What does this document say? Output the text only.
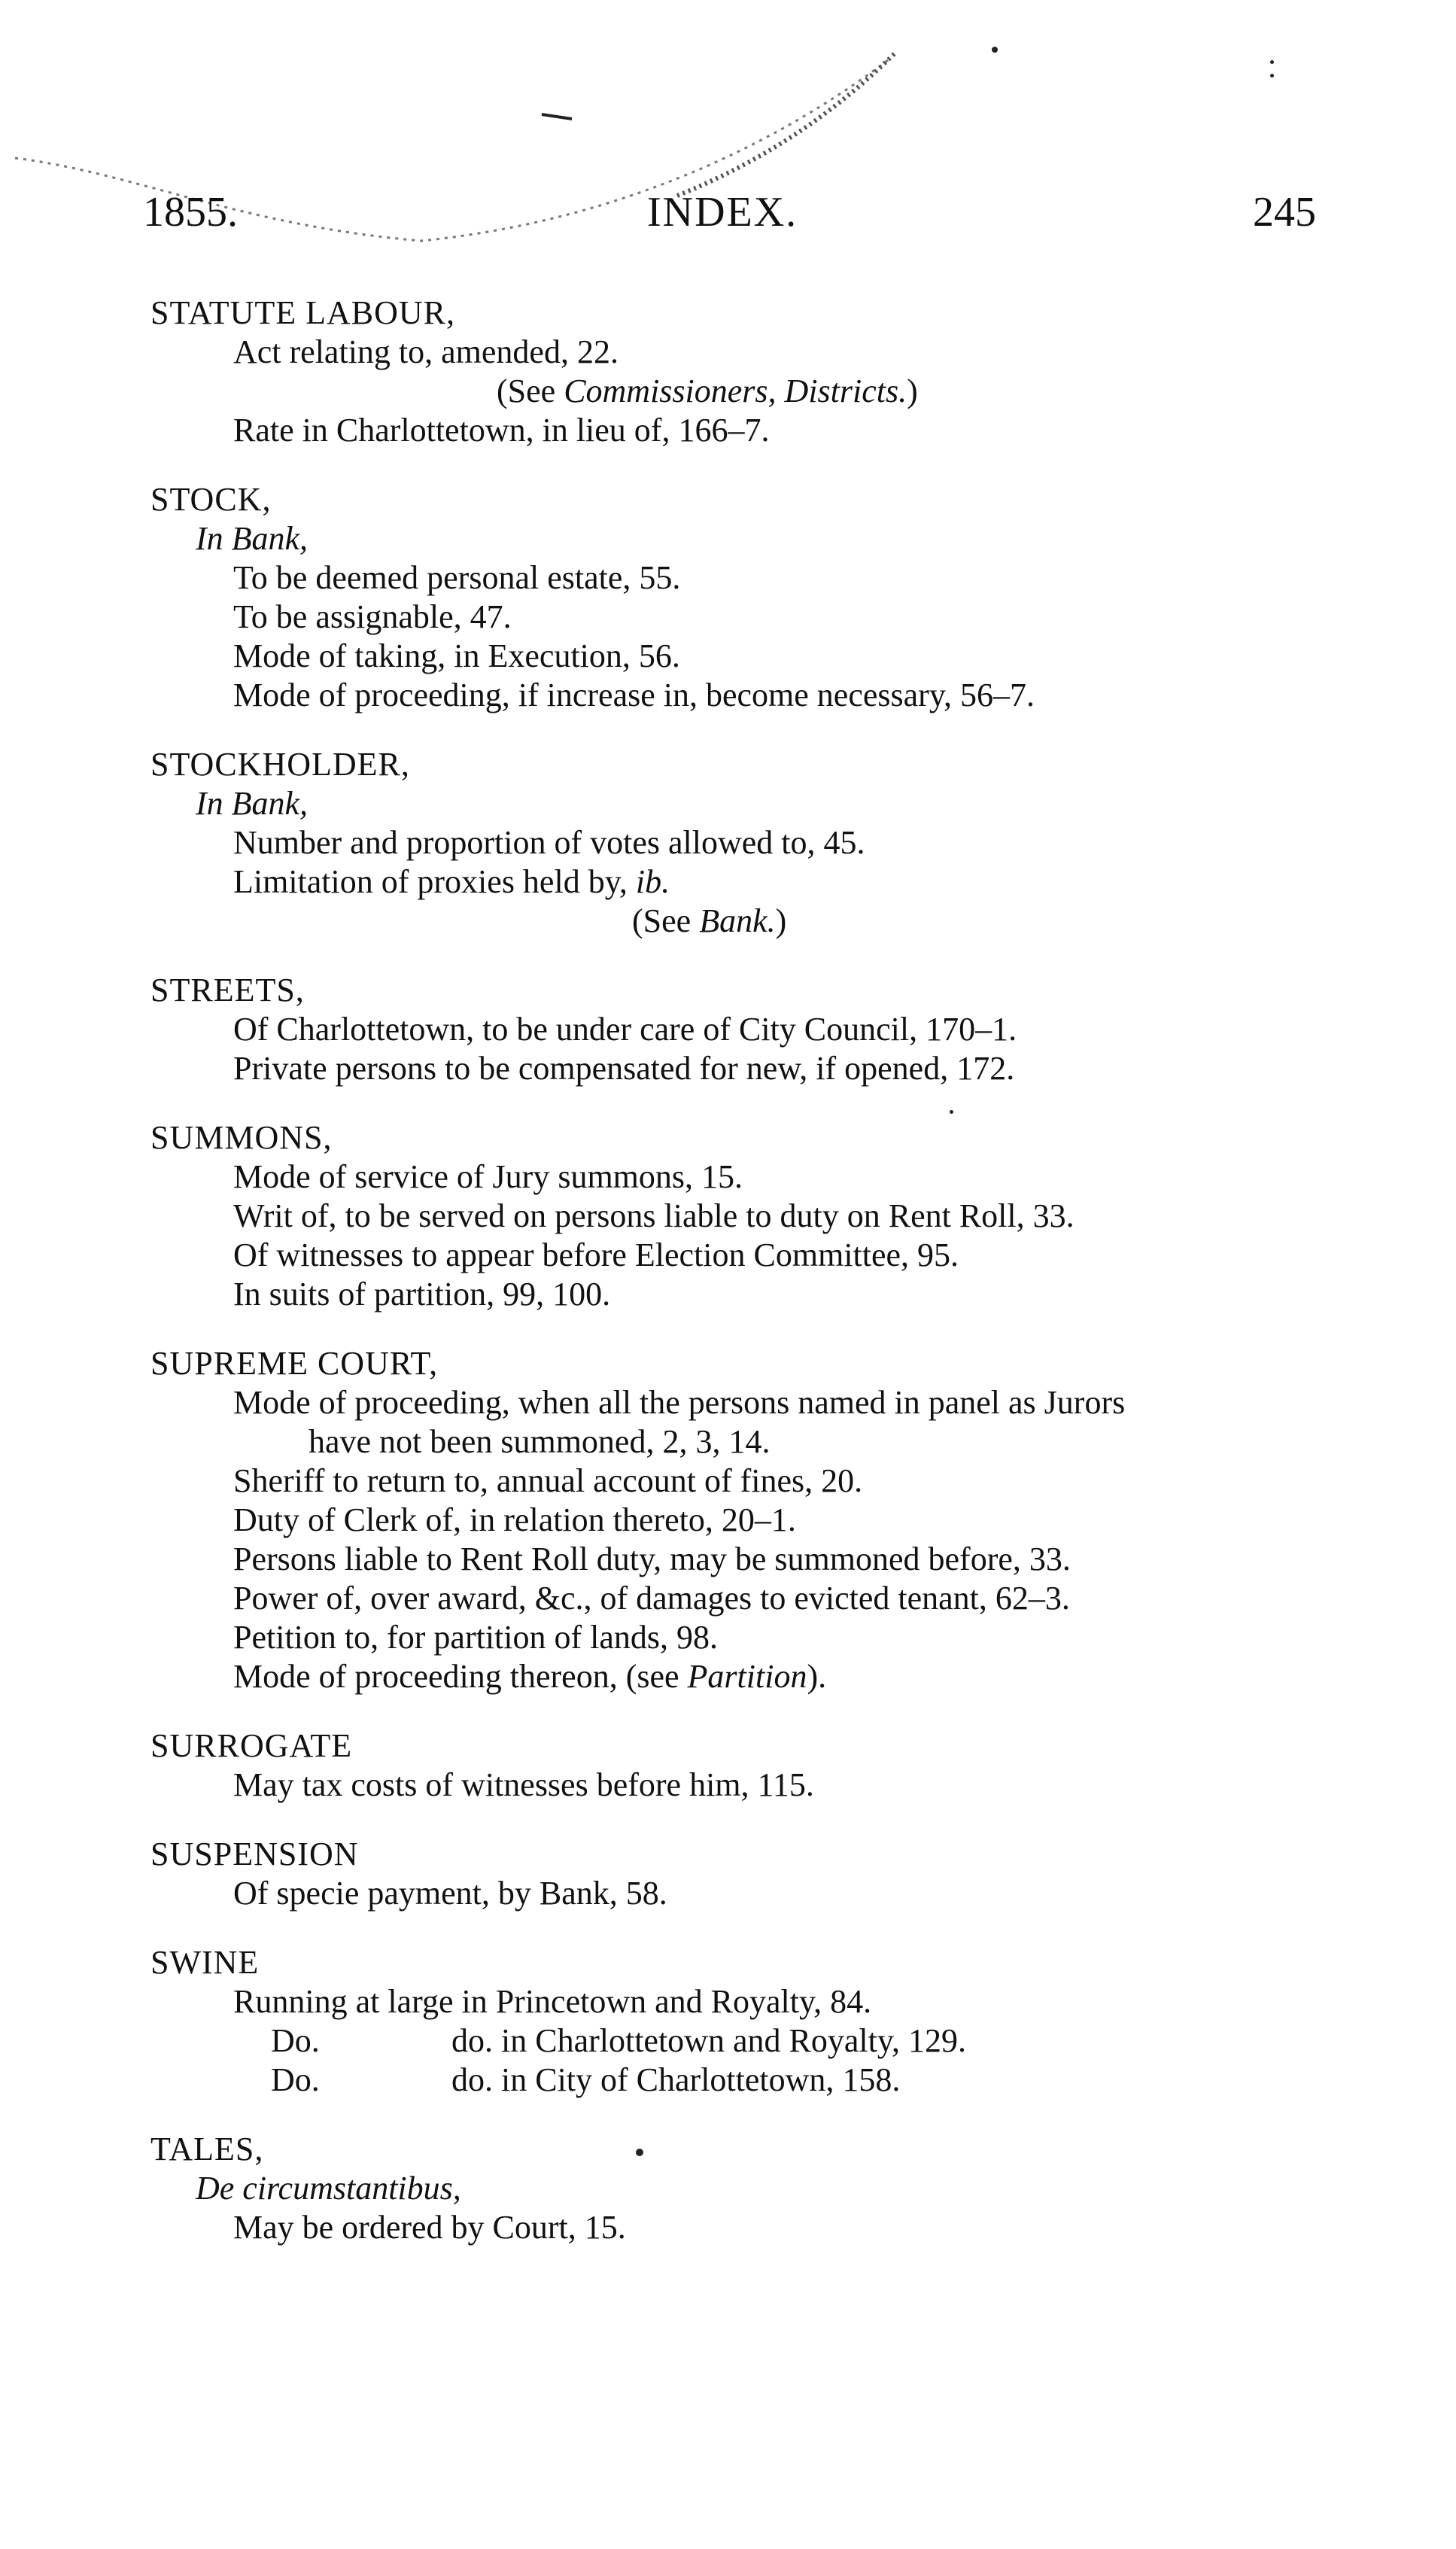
1855.	INDEX.	245
STATUTE LABOUR,
Act relating to, amended, 22.
(See Commissioners, Districts.)
Rate in Charlottetown, in lieu of, 166–7.
STOCK,
In Bank,
To be deemed personal estate, 55.
To be assignable, 47.
Mode of taking, in Execution, 56.
Mode of proceeding, if increase in, become necessary, 56–7.
STOCKHOLDER,
In Bank,
Number and proportion of votes allowed to, 45.
Limitation of proxies held by, ib.
(See Bank.)
STREETS,
Of Charlottetown, to be under care of City Council, 170–1.
Private persons to be compensated for new, if opened, 172.
SUMMONS,
Mode of service of Jury summons, 15.
Writ of, to be served on persons liable to duty on Rent Roll, 33.
Of witnesses to appear before Election Committee, 95.
In suits of partition, 99, 100.
SUPREME COURT,
Mode of proceeding, when all the persons named in panel as Jurors
have not been summoned, 2, 3, 14.
Sheriff to return to, annual account of fines, 20.
Duty of Clerk of, in relation thereto, 20–1.
Persons liable to Rent Roll duty, may be summoned before, 33.
Power of, over award, &c., of damages to evicted tenant, 62–3.
Petition to, for partition of lands, 98.
Mode of proceeding thereon, (see Partition).
SURROGATE
May tax costs of witnesses before him, 115.
SUSPENSION
Of specie payment, by Bank, 58.
SWINE
Running at large in Princetown and Royalty, 84.
Do.	do. in Charlottetown and Royalty, 129.
Do.	do. in City of Charlottetown, 158.
TALES,
De circumstantibus,
May be ordered by Court, 15.
